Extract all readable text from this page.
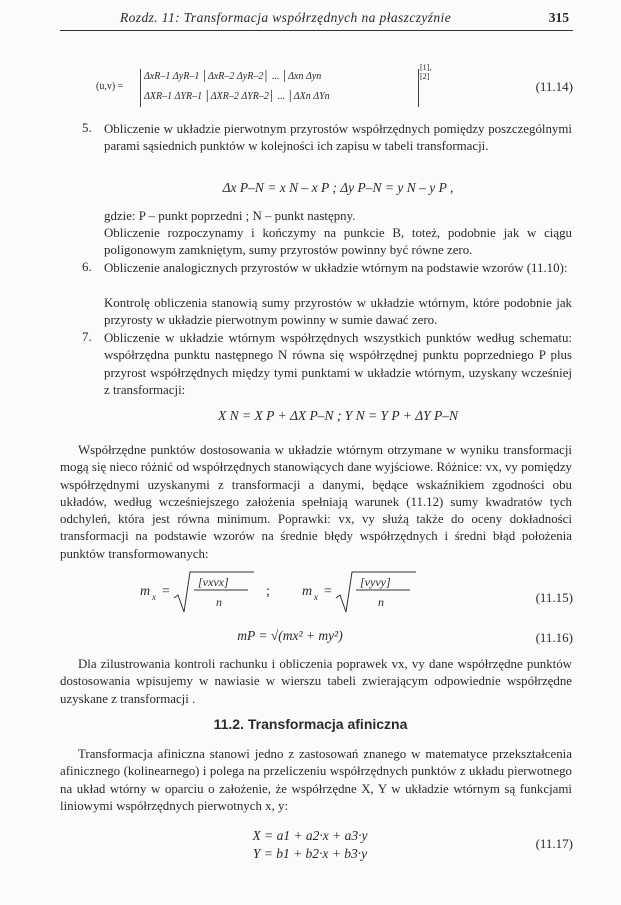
Rozdz. 11: Transformacja współrzędnych na płaszczyźnie	315
(u,v) =
ΔxR–1 ΔyR–1 │ΔxR–2 ΔyR–2│ ... │Δxn Δyn
ΔXR–1 ΔYR–1 │ΔXR–2 ΔYR–2│ ... │ΔXn ΔYn
[1],[2]
(11.14)
5. Obliczenie w układzie pierwotnym przyrostów współrzędnych pomiędzy poszczególnymi parami sąsiednich punktów w kolejności ich zapisu w tabeli transformacji.
Δx P–N = x N – x P ; Δy P–N = y N – y P ,
gdzie: P – punkt poprzedni ; N – punkt następny.
Obliczenie rozpoczynamy i kończymy na punkcie B, toteż, podobnie jak w ciągu poligonowym zamkniętym, sumy przyrostów powinny być równe zero.
6. Obliczenie analogicznych przyrostów w układzie wtórnym na podstawie wzorów (11.10):
Kontrolę obliczenia stanowią sumy przyrostów w układzie wtórnym, które podobnie jak przyrosty w układzie pierwotnym powinny w sumie dawać zero.
7. Obliczenie w układzie wtórnym współrzędnych wszystkich punktów według schematu: współrzędna punktu następnego N równa się współrzędnej punktu poprzedniego P plus przyrost współrzędnych między tymi punktami w układzie wtórnym, uzyskany wcześniej z transformacji:
X N = X P + ΔX P–N ; Y N = Y P + ΔY P–N
Współrzędne punktów dostosowania w układzie wtórnym otrzymane w wyniku transformacji mogą się nieco różnić od współrzędnych stanowiących dane wyjściowe. Różnice: vx, vy pomiędzy współrzędnymi uzyskanymi z transformacji a danymi, będące wskaźnikiem zgodności obu układów, według wcześniejszego założenia spełniają warunek (11.12) sumy kwadratów tych odchyleń, która jest równa minimum. Poprawki: vx, vy służą także do oceny dokładności transformacji na podstawie wzorów na średnie błędy współrzędnych i średni błąd położenia punktów transformowanych:
m x =
[vxvx]
n
; m x =
[vyvy]
n	(11.15)
mP = √(mx² + my²)	(11.16)
Dla zilustrowania kontroli rachunku i obliczenia poprawek vx, vy dane współrzędne punktów dostosowania wpisujemy w nawiasie w wierszu tabeli zwierającym odpowiednie współrzędne uzyskane z transformacji .
11.2. Transformacja afiniczna
Transformacja afiniczna stanowi jedno z zastosowań znanego w matematyce przekształcenia afinicznego (kolinearnego) i polega na przeliczeniu współrzędnych punktów z układu pierwotnego na układ wtórny w oparciu o założenie, że współrzędne X, Y w układzie wtórnym są funkcjami liniowymi współrzędnych pierwotnych x, y:
X = a1 + a2·x + a3·y
Y = b1 + b2·x + b3·y
(11.17)
